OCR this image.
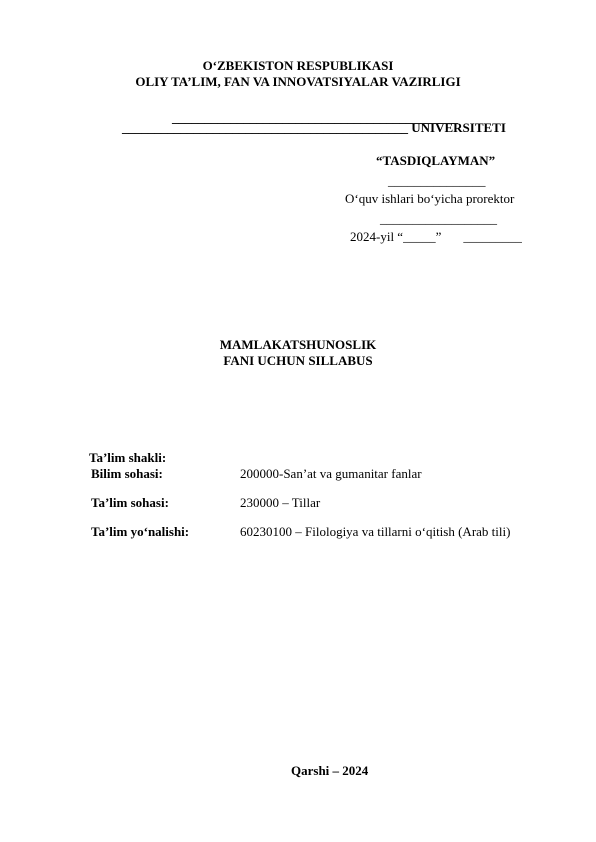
O‘ZBEKISTON RESPUBLIKASI
OLIY TA’LIM, FAN VA INNOVATSIYALAR VAZIRLIGI
____________________________________________
____________________________________________ UNIVERSITETI
“TASDIQLAYMAN”
_______________
O‘quv ishlari bo‘yicha prorektor
__________________
2024-yil “_____” _________
MAMLAKATSHUNOSLIK
FANI UCHUN SILLABUS
Ta’lim shakli:
Bilim sohasi:	200000-San’at va gumanitar fanlar
Ta’lim sohasi:	230000 – Tillar
Ta’lim yo‘nalishi:	60230100 – Filologiya va tillarni o‘qitish (Arab tili)
Qarshi – 2024
